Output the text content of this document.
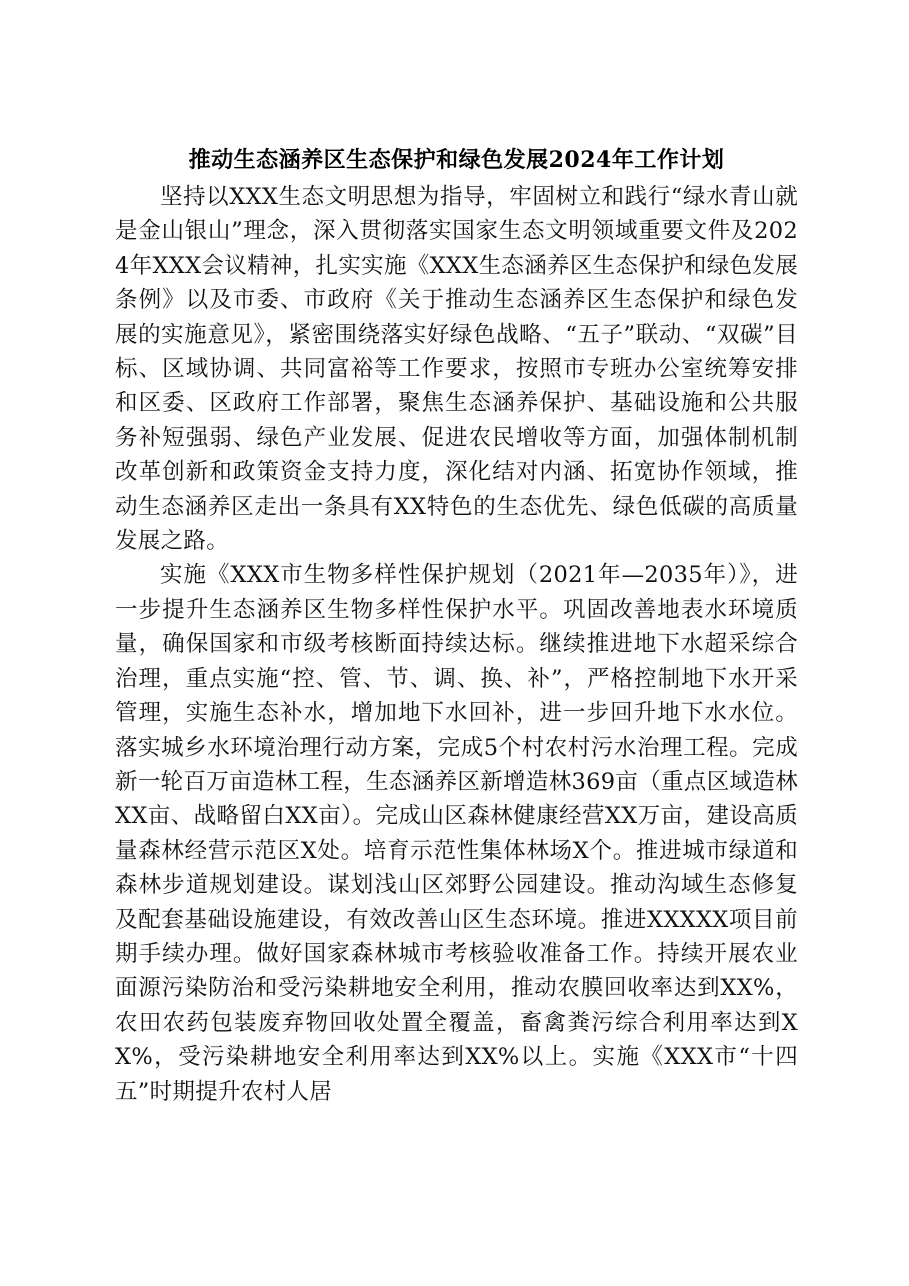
推动生态涵养区生态保护和绿色发展2024年工作计划

坚持以XXX生态文明思想为指导，牢固树立和践行“绿水青山就是金山银山”理念，深入贯彻落实国家生态文明领域重要文件及2024年XXX会议精神，扎实实施《XXX生态涵养区生态保护和绿色发展条例》以及市委、市政府《关于推动生态涵养区生态保护和绿色发展的实施意见》，紧密围绕落实好绿色战略、“五子”联动、“双碳”目标、区域协调、共同富裕等工作要求，按照市专班办公室统筹安排和区委、区政府工作部署，聚焦生态涵养保护、基础设施和公共服务补短强弱、绿色产业发展、促进农民增收等方面，加强体制机制改革创新和政策资金支持力度，深化结对内涵、拓宽协作领域，推动生态涵养区走出一条具有XX特色的生态优先、绿色低碳的高质量发展之路。

实施《XXX市生物多样性保护规划（2021年—2035年）》，进一步提升生态涵养区生物多样性保护水平。巩固改善地表水环境质量，确保国家和市级考核断面持续达标。继续推进地下水超采综合治理，重点实施“控、管、节、调、换、补”，严格控制地下水开采管理，实施生态补水，增加地下水回补，进一步回升地下水水位。落实城乡水环境治理行动方案，完成5个村农村污水治理工程。完成新一轮百万亩造林工程，生态涵养区新增造林369亩（重点区域造林XX亩、战略留白XX亩）。完成山区森林健康经营XX万亩，建设高质量森林经营示范区X处。培育示范性集体林场X个。推进城市绿道和森林步道规划建设。谋划浅山区郊野公园建设。推动沟域生态修复及配套基础设施建设，有效改善山区生态环境。推进XXXXX项目前期手续办理。做好国家森林城市考核验收准备工作。持续开展农业面源污染防治和受污染耕地安全利用，推动农膜回收率达到XX%，农田农药包装废弃物回收处置全覆盖，畜禽粪污综合利用率达到XX%，受污染耕地安全利用率达到XX%以上。实施《XXX市“十四五”时期提升农村人居
